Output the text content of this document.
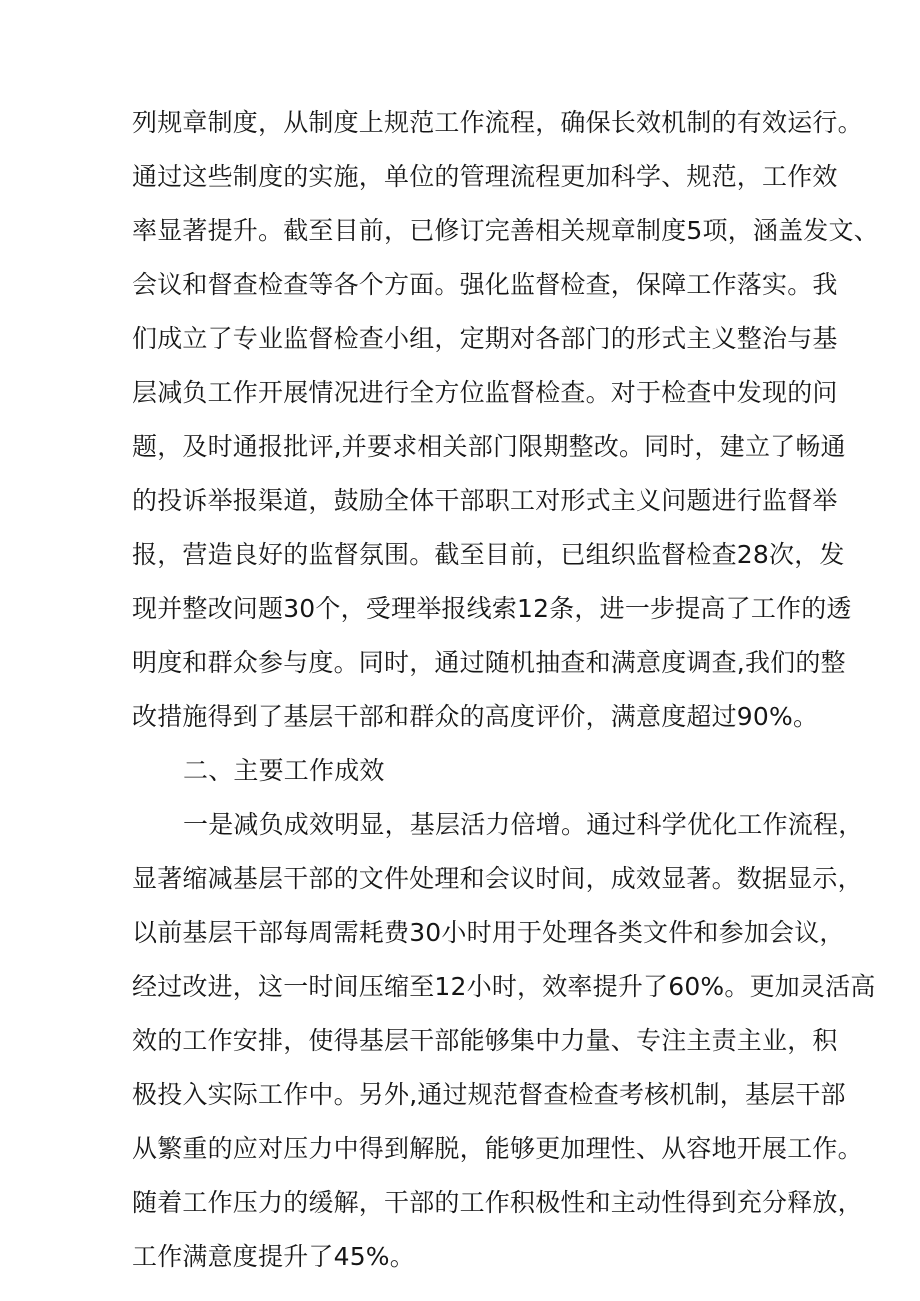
列规章制度，从制度上规范工作流程，确保长效机制的有效运行。
通过这些制度的实施，单位的管理流程更加科学、规范，工作效
率显著提升。截至目前，已修订完善相关规章制度5项，涵盖发文、
会议和督查检查等各个方面。强化监督检查，保障工作落实。我
们成立了专业监督检查小组，定期对各部门的形式主义整治与基
层减负工作开展情况进行全方位监督检查。对于检查中发现的问
题，及时通报批评,并要求相关部门限期整改。同时，建立了畅通
的投诉举报渠道，鼓励全体干部职工对形式主义问题进行监督举
报，营造良好的监督氛围。截至目前，已组织监督检查28次，发
现并整改问题30个，受理举报线索12条，进一步提高了工作的透
明度和群众参与度。同时，通过随机抽查和满意度调查,我们的整
改措施得到了基层干部和群众的高度评价，满意度超过90%。
二、主要工作成效
一是减负成效明显，基层活力倍增。通过科学优化工作流程，
显著缩减基层干部的文件处理和会议时间，成效显著。数据显示，
以前基层干部每周需耗费30小时用于处理各类文件和参加会议，
经过改进，这一时间压缩至12小时，效率提升了60%。更加灵活高
效的工作安排，使得基层干部能够集中力量、专注主责主业，积
极投入实际工作中。另外,通过规范督查检查考核机制，基层干部
从繁重的应对压力中得到解脱，能够更加理性、从容地开展工作。
随着工作压力的缓解，干部的工作积极性和主动性得到充分释放，
工作满意度提升了45%。
